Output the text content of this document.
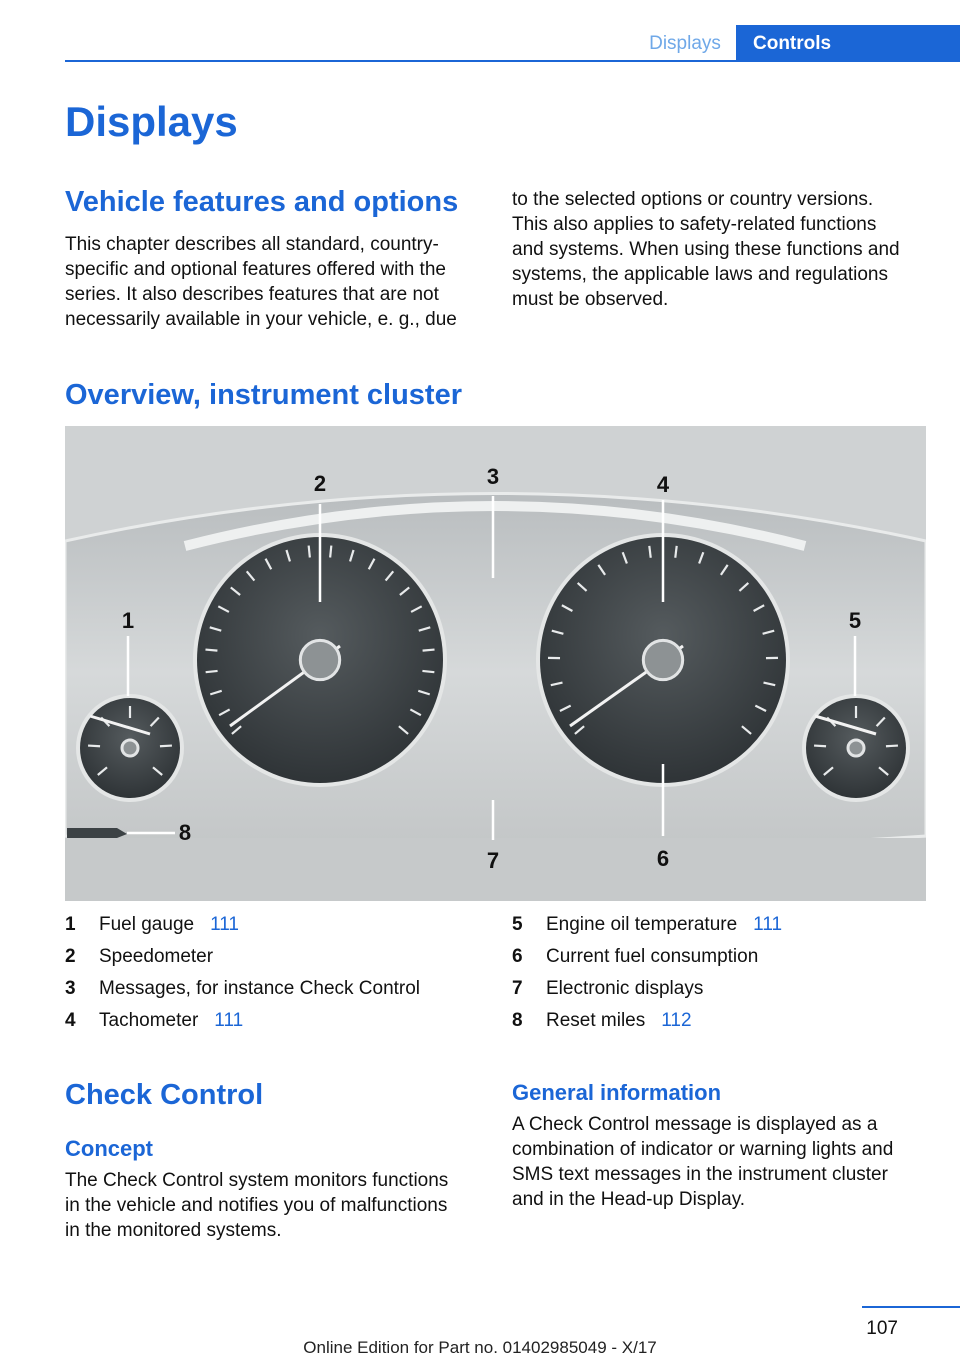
Displays	Controls
Displays
Vehicle features and options
This chapter describes all standard, country-
specific and optional features offered with the
series. It also describes features that are not
necessarily available in your vehicle, e. g., due
to the selected options or country versions.
This also applies to safety-related functions
and systems. When using these functions and
systems, the applicable laws and regulations
must be observed.
Overview, instrument cluster
1
2	3	4
5
6
7
8
1	Fuel gauge 111
2	Speedometer
3	Messages, for instance Check Control
4	Tachometer 111
5	Engine oil temperature 111
6	Current fuel consumption
7	Electronic displays
8	Reset miles 112
Check Control
Concept
The Check Control system monitors functions
in the vehicle and notifies you of malfunctions
in the monitored systems.
General information
A Check Control message is displayed as a
combination of indicator or warning lights and
SMS text messages in the instrument cluster
and in the Head-up Display.
107
Online Edition for Part no. 01402985049 - X/17
